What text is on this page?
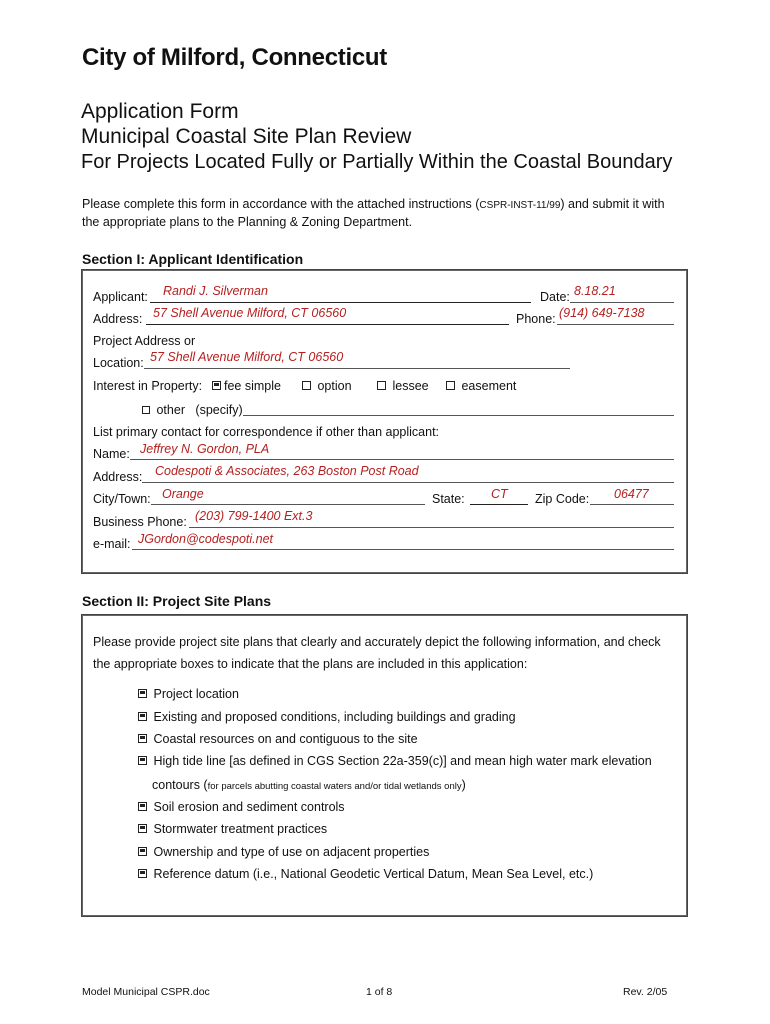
City of Milford, Connecticut
Application Form
Municipal Coastal Site Plan Review
For Projects Located Fully or Partially Within the Coastal Boundary
Please complete this form in accordance with the attached instructions (CSPR-INST-11/99) and submit it with the appropriate plans to the Planning & Zoning Department.
Section I: Applicant Identification
Applicant: Randi J. Silverman	Date: 8.18.21
Address: 57 Shell Avenue Milford, CT 06560	Phone: (914) 649-7138
Project Address or
Location: 57 Shell Avenue Milford, CT 06560
Interest in Property:	fee simple	option	lessee	easement
other (specify)
List primary contact for correspondence if other than applicant:
Name: Jeffrey N. Gordon, PLA
Address: Codespoti & Associates, 263 Boston Post Road
City/Town: Orange	State: CT Zip Code: 06477
Business Phone: (203) 799-1400 Ext.3
e-mail: JGordon@codespoti.net
Section II: Project Site Plans
Please provide project site plans that clearly and accurately depict the following information, and check
the appropriate boxes to indicate that the plans are included in this application:
Project location
Existing and proposed conditions, including buildings and grading
Coastal resources on and contiguous to the site
High tide line [as defined in CGS Section 22a-359(c)] and mean high water mark elevation
contours (for parcels abutting coastal waters and/or tidal wetlands only)
Soil erosion and sediment controls
Stormwater treatment practices
Ownership and type of use on adjacent properties
Reference datum (i.e., National Geodetic Vertical Datum, Mean Sea Level, etc.)
Model Municipal CSPR.doc	1 of 8	Rev. 2/05
